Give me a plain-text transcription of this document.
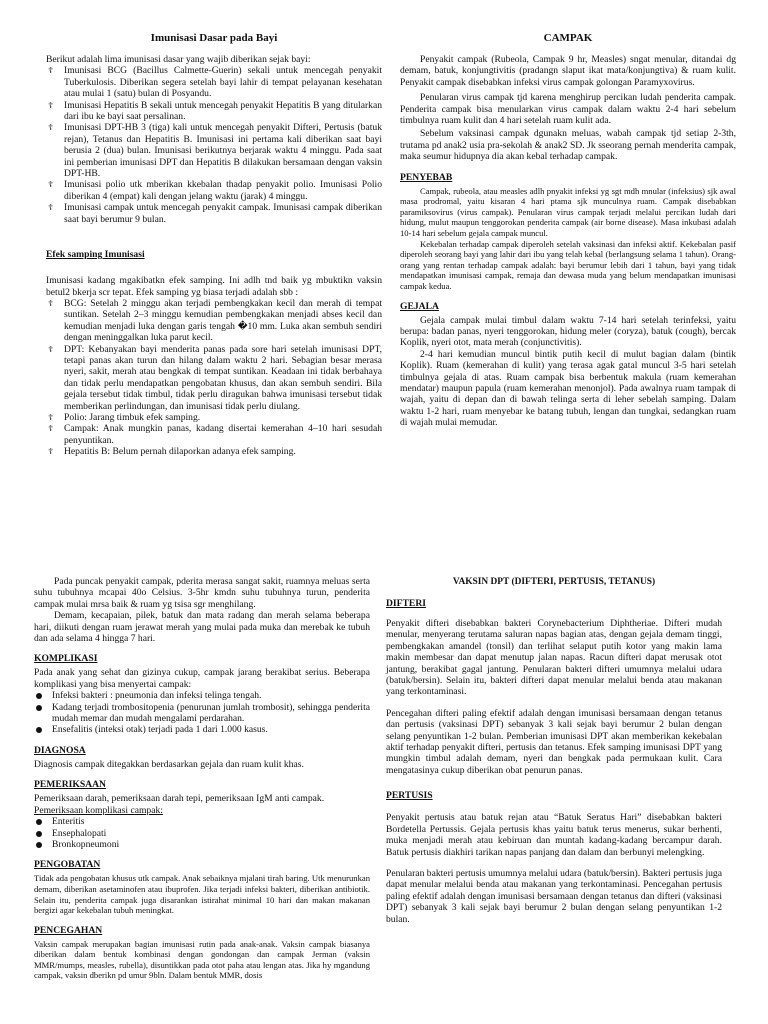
Imunisasi Dasar pada Bayi

Berikut adalah lima imunisasi dasar yang wajib diberikan sejak bayi:

☦ Imunisasi BCG (Bacillus Calmette-Guerin) sekali untuk mencegah penyakit Tuberkulosis. Diberikan segera setelah bayi lahir di tempat pelayanan kesehatan atau mulai 1 (satu) bulan di Posyandu.
☦ Imunisasi Hepatitis B sekali untuk mencegah penyakit Hepatitis B yang ditularkan dari ibu ke bayi saat persalinan.
☦ Imunisasi DPT-HB 3 (tiga) kali untuk mencegah penyakit Difteri, Pertusis (batuk rejan), Tetanus dan Hepatitis B. Imunisasi ini pertama kali diberikan saat bayi berusia 2 (dua) bulan. Imunisasi berikutnya berjarak waktu 4 minggu. Pada saat ini pemberian imunisasi DPT dan Hepatitis B dilakukan bersamaan dengan vaksin DPT-HB.
☦ Imunisasi polio utk mberikan kkebalan thadap penyakit polio. Imunisasi Polio diberikan 4 (empat) kali dengan jelang waktu (jarak) 4 minggu.
☦ Imunisasi campak untuk mencegah penyakit campak. Imunisasi campak diberikan saat bayi berumur 9 bulan.
Efek samping Imunisasi

Imunisasi kadang mgakibatkn efek samping. Ini adlh tnd baik yg mbuktikn vaksin betul2 bkerja scr tepat. Efek samping yg biasa terjadi adalah sbb :

☦ BCG: Setelah 2 minggu akan terjadi pembengkakan kecil dan merah di tempat suntikan. Setelah 2–3 minggu kemudian pembengkakan menjadi abses kecil dan kemudian menjadi luka dengan garis tengah �10 mm. Luka akan sembuh sendiri dengan meninggalkan luka parut kecil.
☦ DPT: Kebanyakan bayi menderita panas pada sore hari setelah imunisasi DPT, tetapi panas akan turun dan hilang dalam waktu 2 hari. Sebagian besar merasa nyeri, sakit, merah atau bengkak di tempat suntikan. Keadaan ini tidak berbahaya dan tidak perlu mendapatkan pengobatan khusus, dan akan sembuh sendiri. Bila gejala tersebut tidak timbul, tidak perlu diragukan bahwa imunisasi tersebut tidak memberikan perlindungan, dan imunisasi tidak perlu diulang.
☦ Polio: Jarang timbuk efek samping.
☦ Campak: Anak mungkin panas, kadang disertai kemerahan 4–10 hari sesudah penyuntikan.
☦ Hepatitis B: Belum pernah dilaporkan adanya efek samping.
CAMPAK

Penyakit campak (Rubeola, Campak 9 hr, Measles) sngat menular, ditandai dg demam, batuk, konjungtivitis (pradangn slaput ikat mata/konjungtiva) & ruam kulit. Penyakit campak disebabkan infeksi virus campak golongan Paramyxovirus.

Penularan virus campak tjd karena menghirup percikan ludah penderita campak. Penderita campak bisa menularkan virus campak dalam waktu 2-4 hari sebelum timbulnya ruam kulit dan 4 hari setelah ruam kulit ada.

Sebelum vaksinasi campak dgunakn meluas, wabah campak tjd setiap 2-3th, trutama pd anak2 usia pra-sekolah & anak2 SD. Jk sseorang pernah menderita campak, maka seumur hidupnya dia akan kebal terhadap campak.

PENYEBAB

Campak, rubeola, atau measles adlh pnyakit infeksi yg sgt mdh mnular (infeksius) sjk awal masa prodromal, yaitu kisaran 4 hari ptama sjk munculnya ruam. Campak disebabkan paramiksovirus (virus campak). Penularan virus campak terjadi melalui percikan ludah dari hidung, mulut maupun tenggorokan penderita campak (air borne disease). Masa inkubasi adalah 10-14 hari sebelum gejala campak muncul.

Kekebalan terhadap campak diperoleh setelah vaksinasi dan infeksi aktif. Kekebalan pasif diperoleh seorang bayi yang lahir dari ibu yang telah kebal (berlangsung selama 1 tahun). Orang-orang yang rentan terhadap campak adalah: bayi berumur lebih dari 1 tahun, bayi yang tidak mendapatkan imunisasi campak, remaja dan dewasa muda yang belum mendapatkan imunisasi campak kedua.

GEJALA

Gejala campak mulai timbul dalam waktu 7-14 hari setelah terinfeksi, yaitu berupa: badan panas, nyeri tenggorokan, hidung meler (coryza), batuk (cough), bercak Koplik, nyeri otot, mata merah (conjunctivitis).

2-4 hari kemudian muncul bintik putih kecil di mulut bagian dalam (bintik Koplik). Ruam (kemerahan di kulit) yang terasa agak gatal muncul 3-5 hari setelah timbulnya gejala di atas. Ruam campak bisa berbentuk makula (ruam kemerahan mendatar) maupun papula (ruam kemerahan menonjol). Pada awalnya ruam tampak di wajah, yaitu di depan dan di bawah telinga serta di leher sebelah samping. Dalam waktu 1-2 hari, ruam menyebar ke batang tubuh, lengan dan tungkai, sedangkan ruam di wajah mulai memudar.

Pada puncak penyakit campak, pderita merasa sangat sakit, ruamnya meluas serta suhu tubuhnya mcapai 40o Celsius. 3-5hr kmdn suhu tubuhnya turun, penderita campak mulai mrsa baik & ruam yg tsisa sgr menghilang.

Demam, kecapaian, pilek, batuk dan mata radang dan merah selama beberapa hari, diikuti dengan ruam jerawat merah yang mulai pada muka dan merebak ke tubuh dan ada selama 4 hingga 7 hari.

KOMPLIKASI

Pada anak yang sehat dan gizinya cukup, campak jarang berakibat serius. Beberapa komplikasi yang bisa menyertai campak:

Infeksi bakteri : pneumonia dan infeksi telinga tengah.
Kadang terjadi trombositopenia (penurunan jumlah trombosit), sehingga penderita mudah memar dan mudah mengalami perdarahan.
Ensefalitis (inteksi otak) terjadi pada 1 dari 1.000 kasus.
DIAGNOSA

Diagnosis campak ditegakkan berdasarkan gejala dan ruam kulit khas.

PEMERIKSAAN

Pemeriksaan darah, pemeriksaan darah tepi, pemeriksaan IgM anti campak.

Pemeriksaan komplikasi campak:

Enteritis
Ensephalopati
Bronkopneumoni
PENGOBATAN

Tidak ada pengobatan khusus utk campak. Anak sebaiknya mjalani tirah baring. Utk menurunkan demam, diberikan asetaminofen atau ibuprofen. Jika terjadi infeksi bakteri, diberikan antibiotik. Selain itu, penderita campak juga disarankan istirahat minimal 10 hari dan makan makanan bergizi agar kekebalan tubuh meningkat.

PENCEGAHAN

Vaksin campak merupakan bagian imunisasi rutin pada anak-anak. Vaksin campak biasanya diberikan dalam bentuk kombinasi dengan gondongan dan campak Jerman (vaksin MMR/mumps, measles, rubella), disuntikkan pada otot paha atau lengan atas. Jika hy mgandung campak, vaksin dberikn pd umur 9bln. Dalam bentuk MMR, dosis

VAKSIN DPT (DIFTERI, PERTUSIS, TETANUS)
DIFTERI

Penyakit difteri disebabkan bakteri Corynebacterium Diphtheriae. Difteri mudah menular, menyerang terutama saluran napas bagian atas, dengan gejala demam tinggi, pembengkakan amandel (tonsil) dan terlihat selaput putih kotor yang makin lama makin membesar dan dapat menutup jalan napas. Racun difteri dapat merusak otot jantung, berakibat gagal jantung. Penularan bakteri difteri umumnya melalui udara (batuk/bersin). Selain itu, bakteri difteri dapat menular melalui benda atau makanan yang terkontaminasi.

Pencegahan difteri paling efektif adalah dengan imunisasi bersamaan dengan tetanus dan pertusis (vaksinasi DPT) sebanyak 3 kali sejak bayi berumur 2 bulan dengan selang penyuntikan 1-2 bulan. Pemberian imunisasi DPT akan memberikan kekebalan aktif terhadap penyakit difteri, pertusis dan tetanus. Efek samping imunisasi DPT yang mungkin timbul adalah demam, nyeri dan bengkak pada permukaan kulit. Cara mengatasinya cukup diberikan obat penurun panas.

PERTUSIS

Penyakit pertusis atau batuk rejan atau “Batuk Seratus Hari” disebabkan bakteri Bordetella Pertussis. Gejala pertusis khas yaitu batuk terus menerus, sukar berhenti, muka menjadi merah atau kebiruan dan muntah kadang-kadang bercampur darah. Batuk pertusis diakhiri tarikan napas panjang dan dalam dan berbunyi melengking.

Penularan bakteri pertusis umumnya melalui udara (batuk/bersin). Bakteri pertusis juga dapat menular melalui benda atau makanan yang terkontaminasi. Pencegahan pertusis paling efektif adalah dengan imunisasi bersamaan dengan tetanus dan difteri (vaksinasi DPT) sebanyak 3 kali sejak bayi berumur 2 bulan dengan selang penyuntikan 1-2 bulan.
